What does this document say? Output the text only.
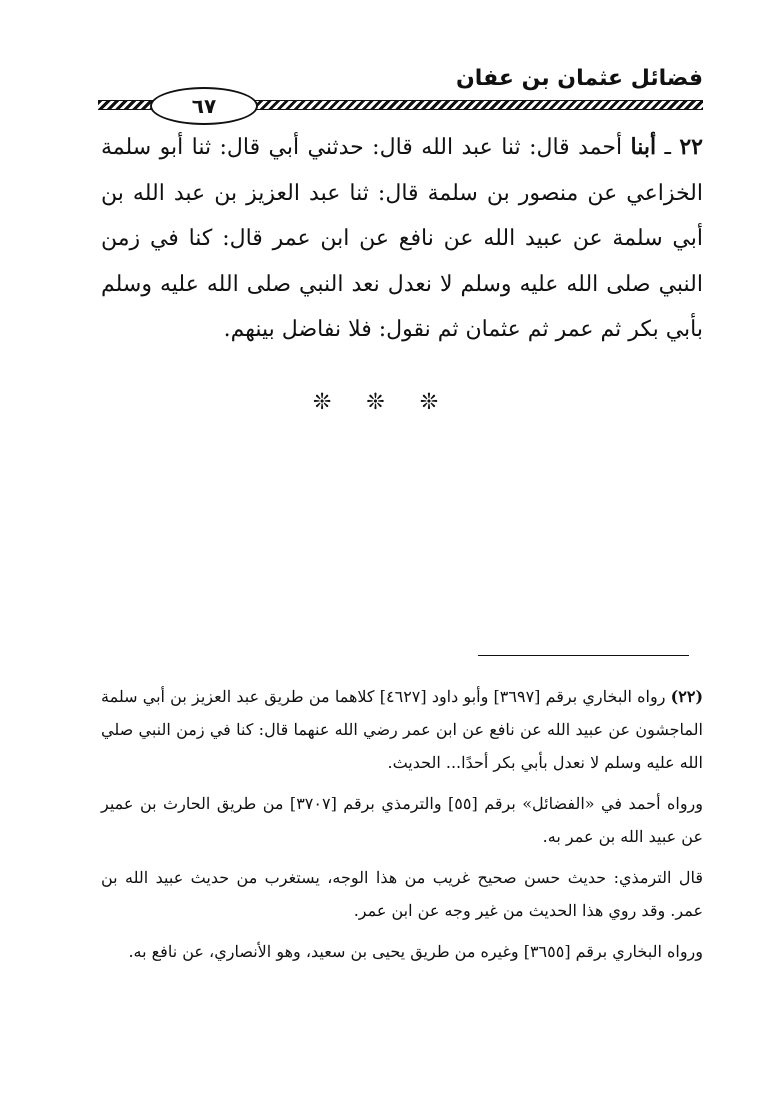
فضائل عثمان بن عفان
٦٧

٢٢ ـ أبنا أحمد قال: ثنا عبد الله قال: حدثني أبي قال: ثنا أبو سلمة الخزاعي عن منصور بن سلمة قال: ثنا عبد العزيز بن عبد الله بن أبي سلمة عن عبيد الله عن نافع عن ابن عمر قال: كنا في زمن النبي صلى الله عليه وسلم لا نعدل نعد النبي صلى الله عليه وسلم بأبي بكر ثم عمر ثم عثمان ثم نقول: فلا نفاضل بينهم.

❊ ❊ ❊

(٢٢) رواه البخاري برقم [٣٦٩٧] وأبو داود [٤٦٢٧] كلاهما من طريق عبد العزيز بن أبي سلمة الماجشون عن عبيد الله عن نافع عن ابن عمر رضي الله عنهما قال: كنا في زمن النبي صلي الله عليه وسلم لا نعدل بأبي بكر أحدًا... الحديث.

ورواه أحمد في «الفضائل» برقم [٥٥] والترمذي برقم [٣٧٠٧] من طريق الحارث بن عمير عن عبيد الله بن عمر به.

قال الترمذي: حديث حسن صحيح غريب من هذا الوجه، يستغرب من حديث عبيد الله بن عمر. وقد روي هذا الحديث من غير وجه عن ابن عمر.

ورواه البخاري برقم [٣٦٥٥] وغيره من طريق يحيى بن سعيد، وهو الأنصاري، عن نافع به.
